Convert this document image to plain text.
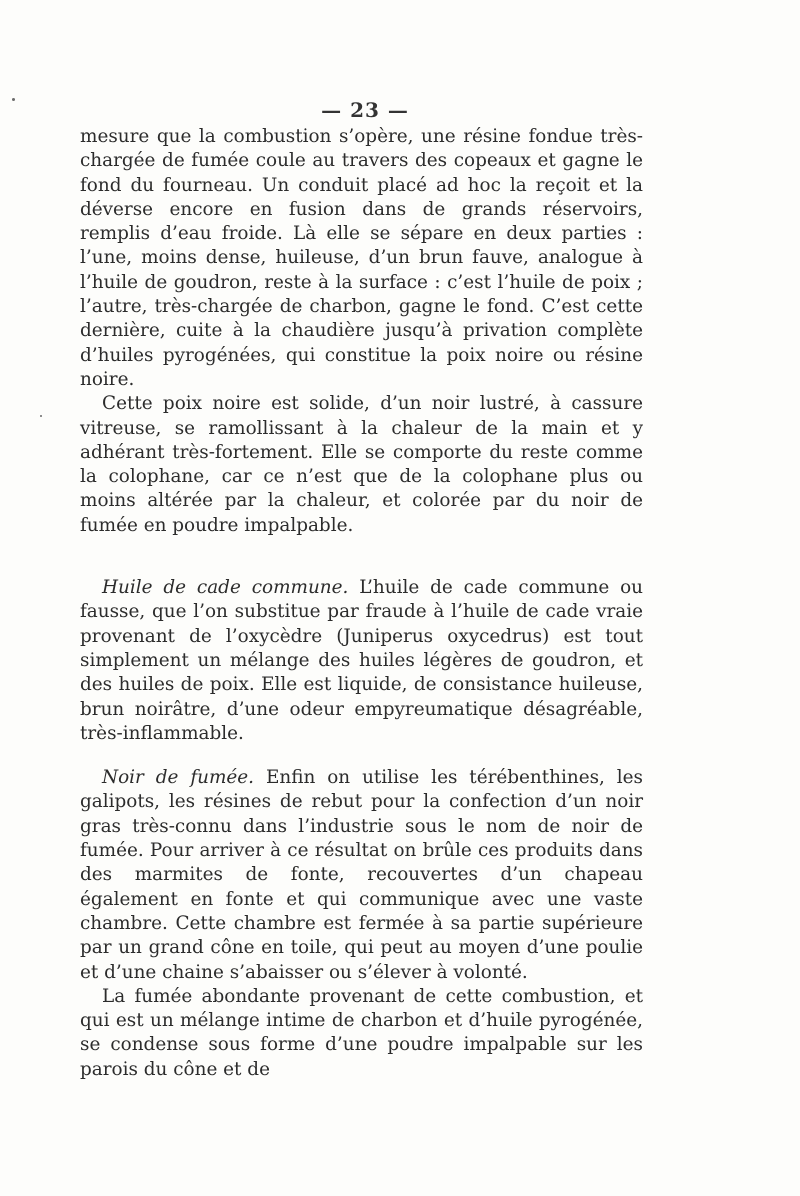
— 23 —

mesure que la combustion s’opère, une résine fondue très-chargée de fumée coule au travers des copeaux et gagne le fond du fourneau. Un conduit placé ad hoc la reçoit et la déverse encore en fusion dans de grands réservoirs, remplis d’eau froide. Là elle se sépare en deux parties : l’une, moins dense, huileuse, d’un brun fauve, analogue à l’huile de goudron, reste à la surface : c’est l’huile de poix ; l’autre, très-chargée de charbon, gagne le fond. C’est cette dernière, cuite à la chaudière jusqu’à privation complète d’huiles pyrogénées, qui constitue la poix noire ou résine noire.

Cette poix noire est solide, d’un noir lustré, à cassure vitreuse, se ramollissant à la chaleur de la main et y adhérant très-fortement. Elle se comporte du reste comme la colophane, car ce n’est que de la colophane plus ou moins altérée par la chaleur, et colorée par du noir de fumée en poudre impalpable.

Huile de cade commune. L’huile de cade commune ou fausse, que l’on substitue par fraude à l’huile de cade vraie provenant de l’oxycèdre (Juniperus oxycedrus) est tout simplement un mélange des huiles légères de goudron, et des huiles de poix. Elle est liquide, de consistance huileuse, brun noirâtre, d’une odeur empyreumatique désagréable, très-inflammable.

Noir de fumée. Enfin on utilise les térébenthines, les galipots, les résines de rebut pour la confection d’un noir gras très-connu dans l’industrie sous le nom de noir de fumée. Pour arriver à ce résultat on brûle ces produits dans des marmites de fonte, recouvertes d’un chapeau également en fonte et qui communique avec une vaste chambre. Cette chambre est fermée à sa partie supérieure par un grand cône en toile, qui peut au moyen d’une poulie et d’une chaine s’abaisser ou s’élever à volonté.

La fumée abondante provenant de cette combustion, et qui est un mélange intime de charbon et d’huile pyrogénée, se condense sous forme d’une poudre impalpable sur les parois du cône et de
